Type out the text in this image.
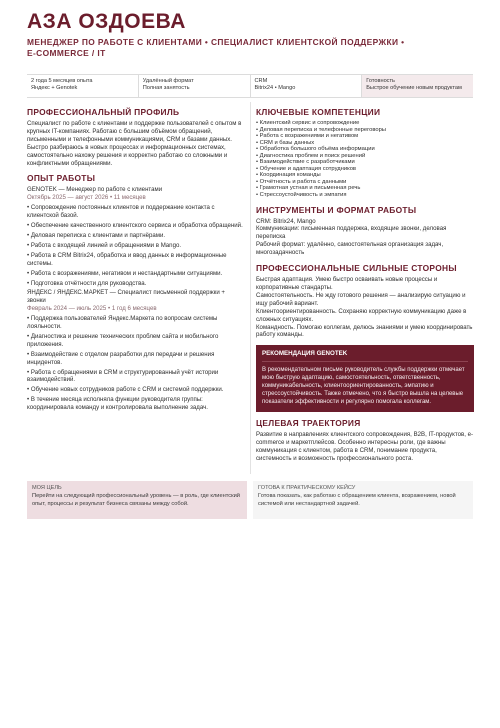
АЗА ОЗДОЕВА
МЕНЕДЖЕР ПО РАБОТЕ С КЛИЕНТАМИ • СПЕЦИАЛИСТ КЛИЕНТСКОЙ ПОДДЕРЖКИ •
E-COMMERCE / IT
2 года 5 месяцев опыта
Яндекс + Genotek
Удалённый формат
Полная занятость
CRM
Bitrix24 • Mango
Готовность
Быстрое обучение новым продуктам
ПРОФЕССИОНАЛЬНЫЙ ПРОФИЛЬ
Специалист по работе с клиентами и поддержке пользователей с опытом в крупных IT-компаниях. Работаю с большим объёмом обращений, письменными и телефонными коммуникациями, CRM и базами данных. Быстро разбираюсь в новых процессах и информационных системах, самостоятельно нахожу решения и корректно работаю со сложными и конфликтными обращениями.
ОПЫТ РАБОТЫ
GENOTEK — Менеджер по работе с клиентами
Октябрь 2025 — август 2026 • 11 месяцев
• Сопровождение постоянных клиентов и поддержание контакта с клиентской базой.
• Обеспечение качественного клиентского сервиса и обработка обращений.
• Деловая переписка с клиентами и партнёрами.
• Работа с входящей линией и обращениями в Mango.
• Работа в CRM Bitrix24, обработка и ввод данных в информационные системы.
• Работа с возражениями, негативом и нестандартными ситуациями.
• Подготовка отчётности для руководства.
ЯНДЕКС / ЯНДЕКС.МАРКЕТ — Специалист письменной поддержки + звонки
Февраль 2024 — июль 2025 • 1 год 6 месяцев
• Поддержка пользователей Яндекс.Маркета по вопросам системы лояльности.
• Диагностика и решение технических проблем сайта и мобильного приложения.
• Взаимодействие с отделом разработки для передачи и решения инцидентов.
• Работа с обращениями в CRM и структурированный учёт истории взаимодействий.
• Обучение новых сотрудников работе с CRM и системой поддержки.
• В течение месяца исполняла функции руководителя группы: координировала команду и контролировала выполнение задач.
КЛЮЧЕВЫЕ КОМПЕТЕНЦИИ
• Клиентский сервис и сопровождение
• Деловая переписка и телефонные переговоры
• Работа с возражениями и негативом
• CRM и базы данных
• Обработка большого объёма информации
• Диагностика проблем и поиск решений
• Взаимодействие с разработчиками
• Обучение и адаптация сотрудников
• Координация команды
• Отчётность и работа с данными
• Грамотная устная и письменная речь
• Стрессоустойчивость и эмпатия
ИНСТРУМЕНТЫ И ФОРМАТ РАБОТЫ
CRM: Bitrix24, Mango
Коммуникации: письменная поддержка, входящие звонки, деловая переписка
Рабочий формат: удалённо, самостоятельная организация задач, многозадачность
ПРОФЕССИОНАЛЬНЫЕ СИЛЬНЫЕ СТОРОНЫ
Быстрая адаптация. Умею быстро осваивать новые процессы и корпоративные стандарты.
Самостоятельность. Не жду готового решения — анализирую ситуацию и ищу рабочий вариант.
Клиентоориентированность. Сохраняю корректную коммуникацию даже в сложных ситуациях.
Командность. Помогаю коллегам, делюсь знаниями и умею координировать работу команды.
РЕКОМЕНДАЦИЯ GENOTEK
В рекомендательном письме руководитель службы поддержки отмечает мою быструю адаптацию, самостоятельность, ответственность, коммуникабельность, клиентоориентированность, эмпатию и стрессоустойчивость. Также отмечено, что я быстро вышла на целевые показатели эффективности и регулярно помогала коллегам.
ЦЕЛЕВАЯ ТРАЕКТОРИЯ
Развитие в направлениях клиентского сопровождения, B2B, IT-продуктов, e-commerce и маркетплейсов. Особенно интересны роли, где важны коммуникация с клиентом, работа в CRM, понимание продукта, системность и возможность профессионального роста.
МОЯ ЦЕЛЬ
Перейти на следующий профессиональный уровень — в роль, где клиентский опыт, процессы и результат бизнеса связаны между собой.
ГОТОВА К ПРАКТИЧЕСКОМУ КЕЙСУ
Готова показать, как работаю с обращением клиента, возражением, новой системой или нестандартной задачей.
